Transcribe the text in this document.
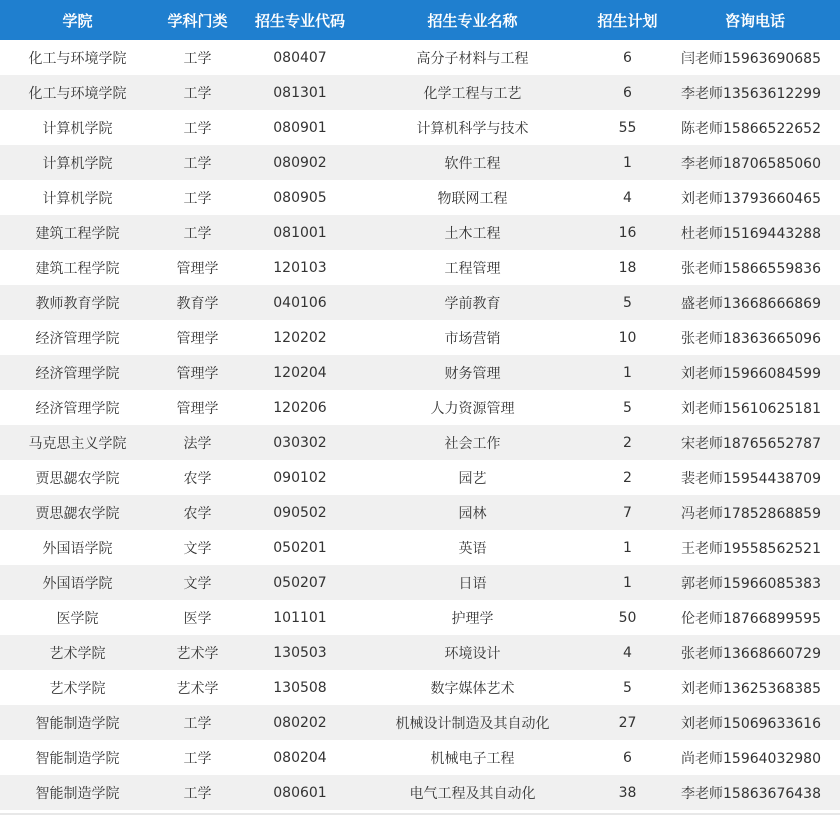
学院	学科门类	招生专业代码	招生专业名称	招生计划	咨询电话
化工与环境学院	工学	080407	高分子材料与工程	6	闫老师15963690685
化工与环境学院	工学	081301	化学工程与工艺	6	李老师13563612299
计算机学院	工学	080901	计算机科学与技术	55	陈老师15866522652
计算机学院	工学	080902	软件工程	1	李老师18706585060
计算机学院	工学	080905	物联网工程	4	刘老师13793660465
建筑工程学院	工学	081001	土木工程	16	杜老师15169443288
建筑工程学院	管理学	120103	工程管理	18	张老师15866559836
教师教育学院	教育学	040106	学前教育	5	盛老师13668666869
经济管理学院	管理学	120202	市场营销	10	张老师18363665096
经济管理学院	管理学	120204	财务管理	1	刘老师15966084599
经济管理学院	管理学	120206	人力资源管理	5	刘老师15610625181
马克思主义学院	法学	030302	社会工作	2	宋老师18765652787
贾思勰农学院	农学	090102	园艺	2	裴老师15954438709
贾思勰农学院	农学	090502	园林	7	冯老师17852868859
外国语学院	文学	050201	英语	1	王老师19558562521
外国语学院	文学	050207	日语	1	郭老师15966085383
医学院	医学	101101	护理学	50	伦老师18766899595
艺术学院	艺术学	130503	环境设计	4	张老师13668660729
艺术学院	艺术学	130508	数字媒体艺术	5	刘老师13625368385
智能制造学院	工学	080202	机械设计制造及其自动化	27	刘老师15069633616
智能制造学院	工学	080204	机械电子工程	6	尚老师15964032980
智能制造学院	工学	080601	电气工程及其自动化	38	李老师15863676438
